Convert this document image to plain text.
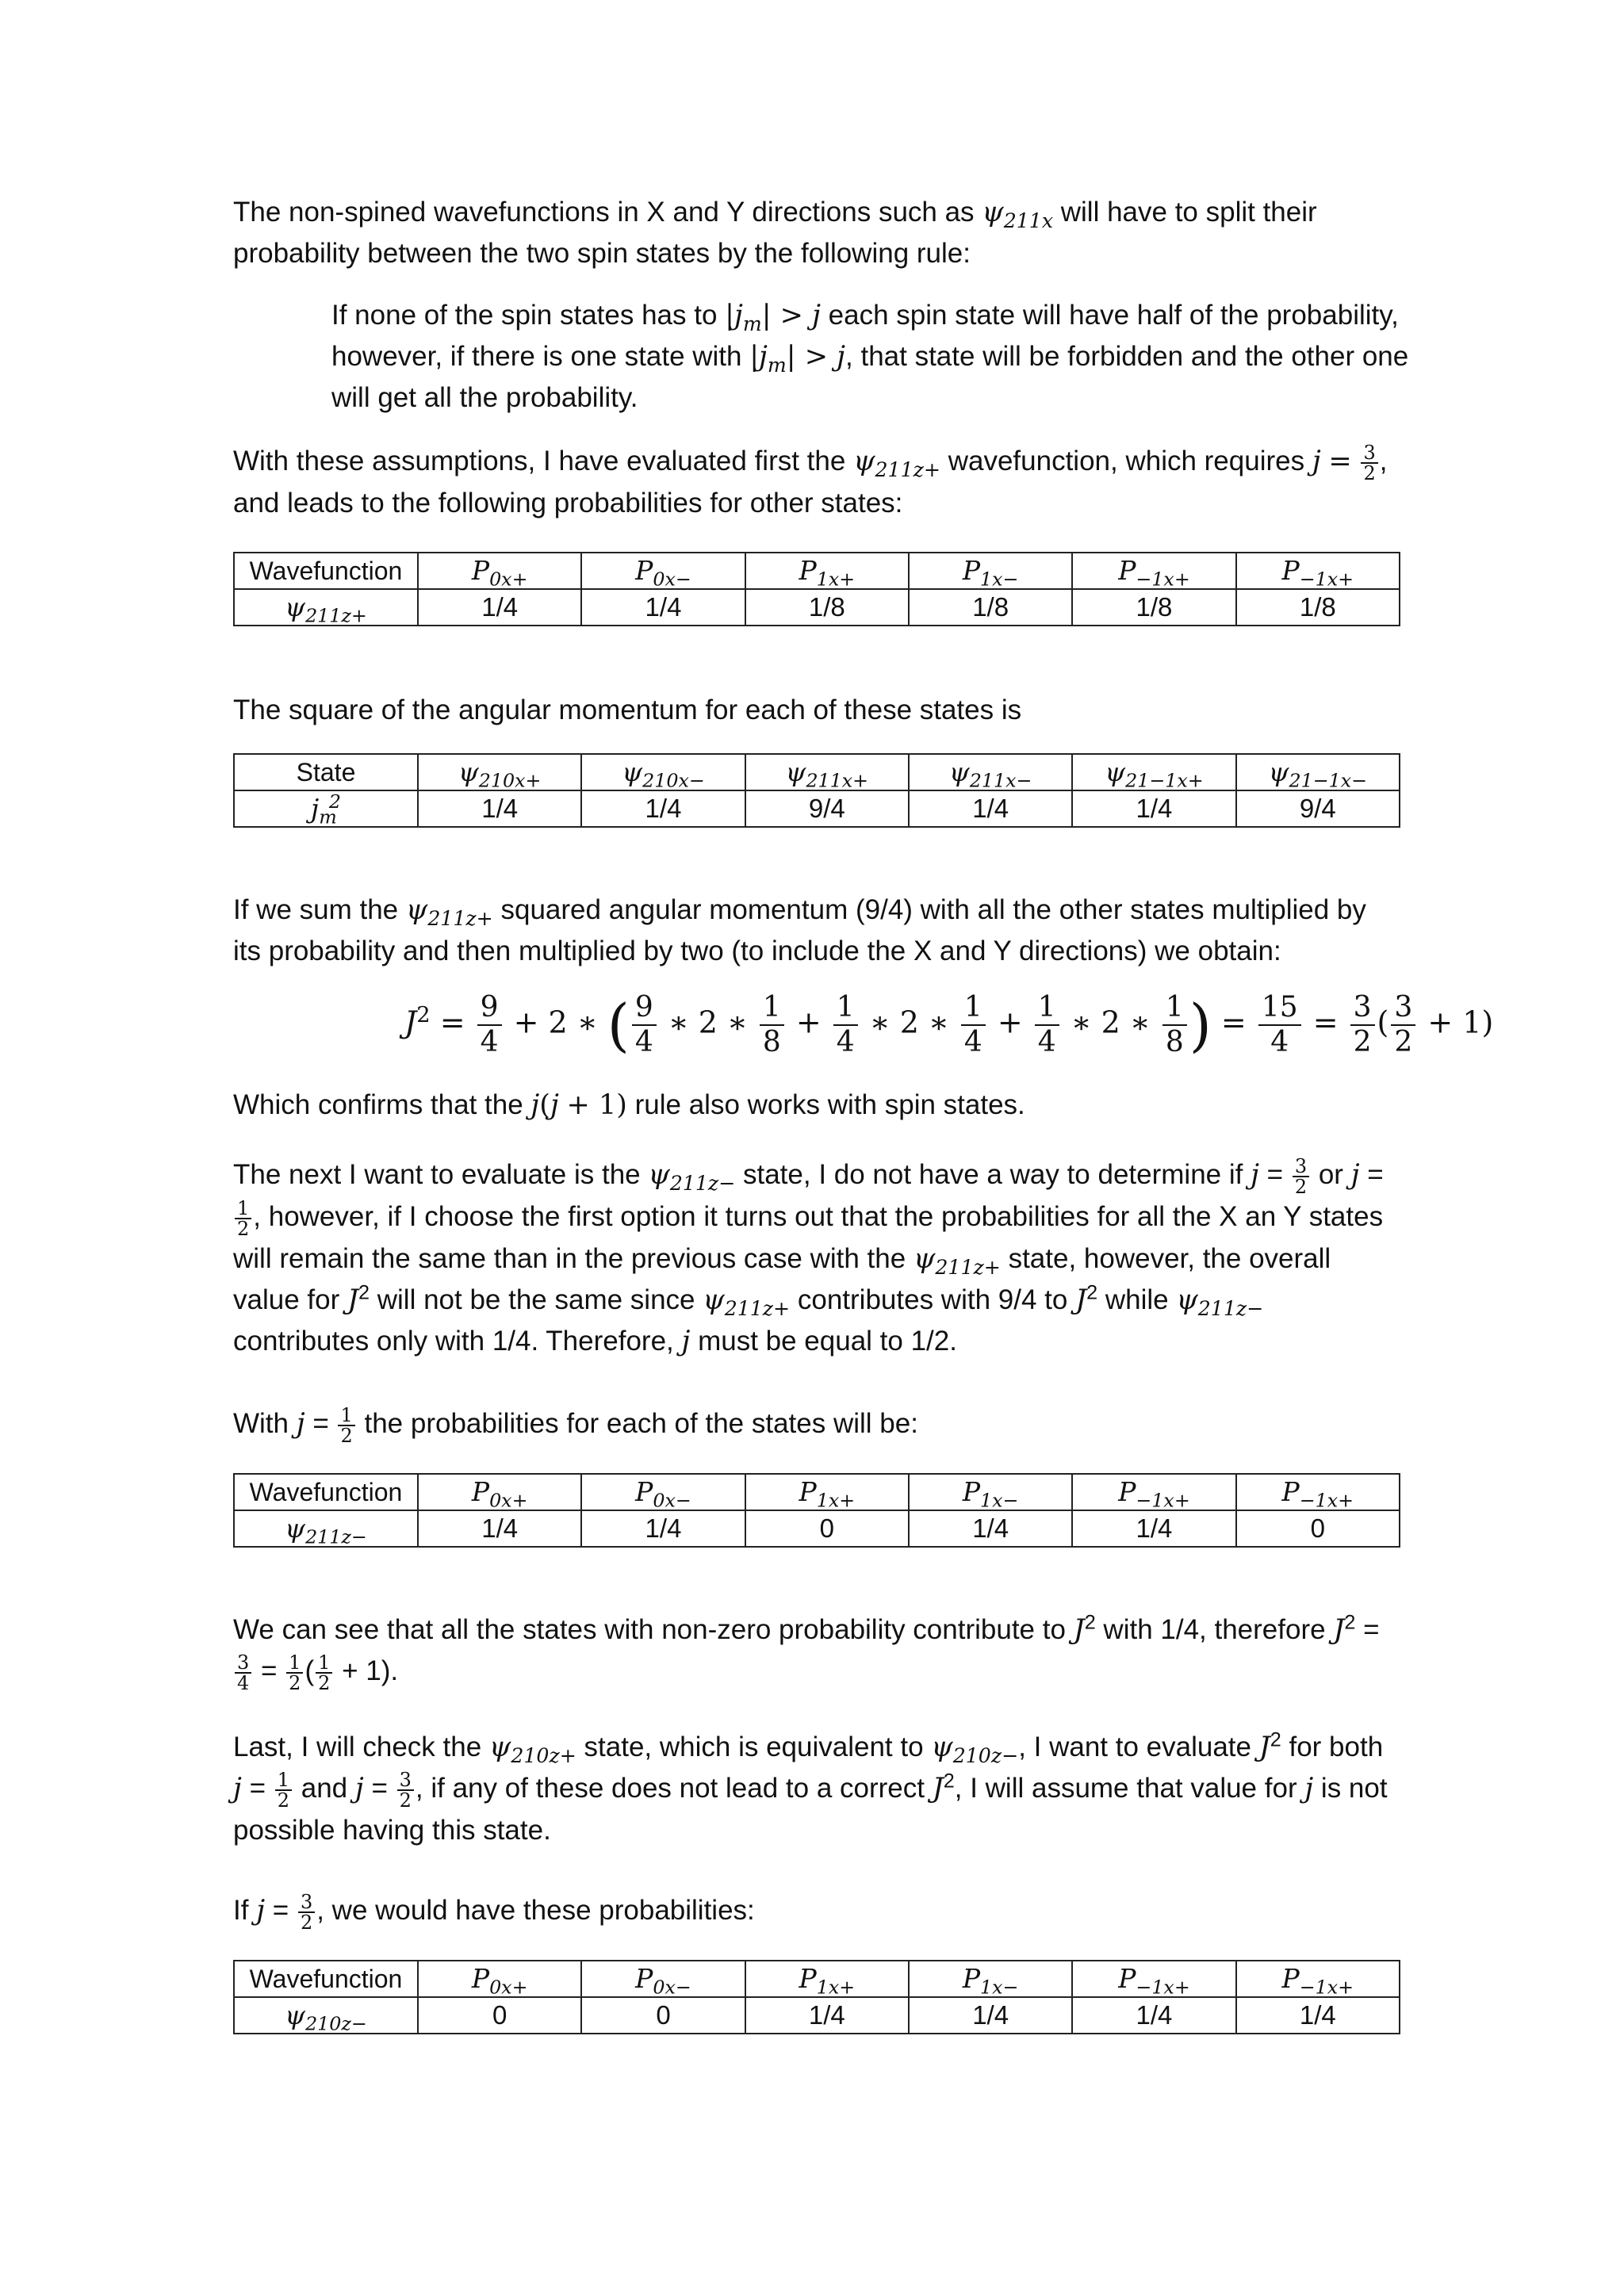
The non-spined wavefunctions in X and Y directions such as $\psi_{211x}$ will have to split their probability between the two spin states by the following rule:
If none of the spin states has to $|j_m| > j$ each spin state will have half of the probability, however, if there is one state with $|j_m| > j$, that state will be forbidden and the other one will get all the probability.
With these assumptions, I have evaluated first the $\psi_{211z+}$ wavefunction, which requires $j = \frac{3}{2}$ , and leads to the following probabilities for other states:
Wavefunction	$P_{0x+}$	$P_{0x-}$	$P_{1x+}$	$P_{1x-}$	$P_{-1x+}$	$P_{-1x+}$
$\psi_{211z+}$	1/4	1/4	1/8	1/8	1/8	1/8
The square of the angular momentum for each of these states is
State	$\psi_{210x+}$	$\psi_{210x-}$	$\psi_{211x+}$	$\psi_{211x-}$	$\psi_{21-1x+}$	$\psi_{21-1x-}$
$j_m^2$	1/4	1/4	9/4	1/4	1/4	9/4
If we sum the $\psi_{211z+}$ squared angular momentum (9/4) with all the other states multiplied by its probability and then multiplied by two (to include the X and Y directions) we obtain:
$J^2 = \frac{9}{4} + 2$ ∗ ( $\frac{9}{4}$ ∗ 2 ∗ $\frac{1}{8} + \frac{1}{4}$ ∗ 2 ∗ $\frac{1}{4} + \frac{1}{4}$ ∗ 2 ∗ $\frac{1}{8}$ ) = $\frac{15}{4} = \frac{3}{2}$ ( $\frac{3}{2} + 1$)
Which confirms that the j(j + 1) rule also works with spin states.
The next I want to evaluate is the $\psi_{211z-}$ state, I do not have a way to determine if $j = \frac{3}{2}$ or j =
$\frac{1}{2}$ , however, if I choose the first option it turns out that the probabilities for all the X an Y states will remain the same than in the previous case with the $\psi_{211z+}$ state, however, the overall value for $J^2$ will not be the same since $\psi_{211z+}$ contributes with 9/4 to $J^2$ while $\psi_{211z-}$ contributes only with 1/4. Therefore, j must be equal to 1/2.
With $j = \frac{1}{2}$ the probabilities for each of the states will be:
Wavefunction	$P_{0x+}$	$P_{0x-}$	$P_{1x+}$	$P_{1x-}$	$P_{-1x+}$	$P_{-1x+}$
$\psi_{211z-}$	1/4	1/4	0	1/4	1/4	0
We can see that all the states with non-zero probability contribute to $J^2$ with 1/4, therefore $J^2$ =
$\frac{3}{4} = \frac{1}{2}$ ( $\frac{1}{2} + 1$).
Last, I will check the $\psi_{210z+}$ state, which is equivalent to $\psi_{210z-}$, I want to evaluate $J^2$ for both $j = \frac{1}{2}$ and $j = \frac{3}{2}$ , if any of these does not lead to a correct $J^2$, I will assume that value for j is not possible having this state.
If $j = \frac{3}{2}$ , we would have these probabilities:
Wavefunction	$P_{0x+}$	$P_{0x-}$	$P_{1x+}$	$P_{1x-}$	$P_{-1x+}$	$P_{-1x+}$
$\psi_{210z-}$	0	0	1/4	1/4	1/4	1/4
